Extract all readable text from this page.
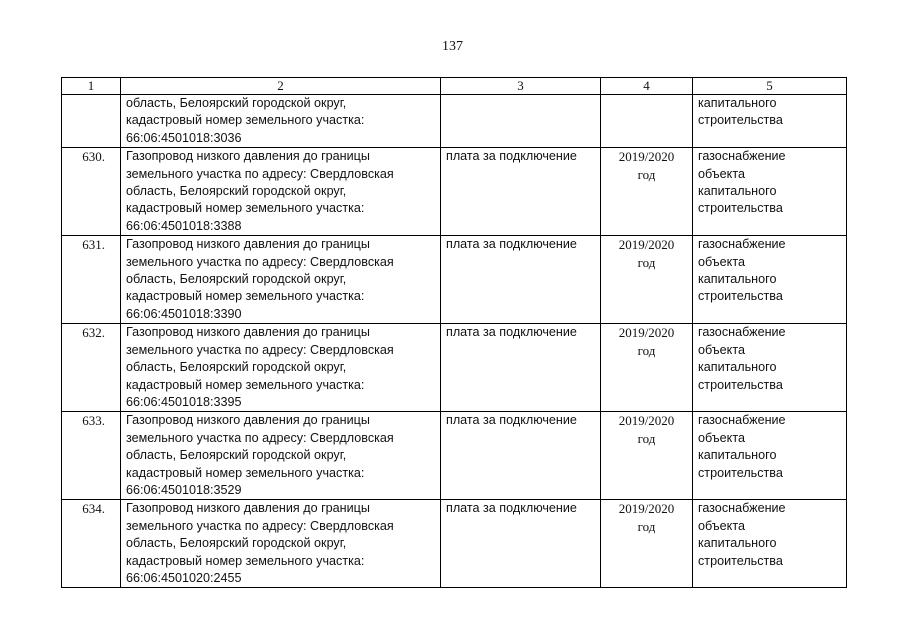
137
1	2	3	4	5

	область, Белоярский городской округ,
кадастровый номер земельного участка:
66:06:4501018:3036			капитального
строительства

630.	Газопровод низкого давления до границы
земельного участка по адресу: Свердловская
область, Белоярский городской округ,
кадастровый номер земельного участка:
66:06:4501018:3388	плата за подключение	2019/2020
год	газоснабжение
объекта
капитального
строительства

631.	Газопровод низкого давления до границы
земельного участка по адресу: Свердловская
область, Белоярский городской округ,
кадастровый номер земельного участка:
66:06:4501018:3390	плата за подключение	2019/2020
год	газоснабжение
объекта
капитального
строительства

632.	Газопровод низкого давления до границы
земельного участка по адресу: Свердловская
область, Белоярский городской округ,
кадастровый номер земельного участка:
66:06:4501018:3395	плата за подключение	2019/2020
год	газоснабжение
объекта
капитального
строительства

633.	Газопровод низкого давления до границы
земельного участка по адресу: Свердловская
область, Белоярский городской округ,
кадастровый номер земельного участка:
66:06:4501018:3529	плата за подключение	2019/2020
год	газоснабжение
объекта
капитального
строительства

634.	Газопровод низкого давления до границы
земельного участка по адресу: Свердловская
область, Белоярский городской округ,
кадастровый номер земельного участка:
66:06:4501020:2455	плата за подключение	2019/2020
год	газоснабжение
объекта
капитального
строительства
